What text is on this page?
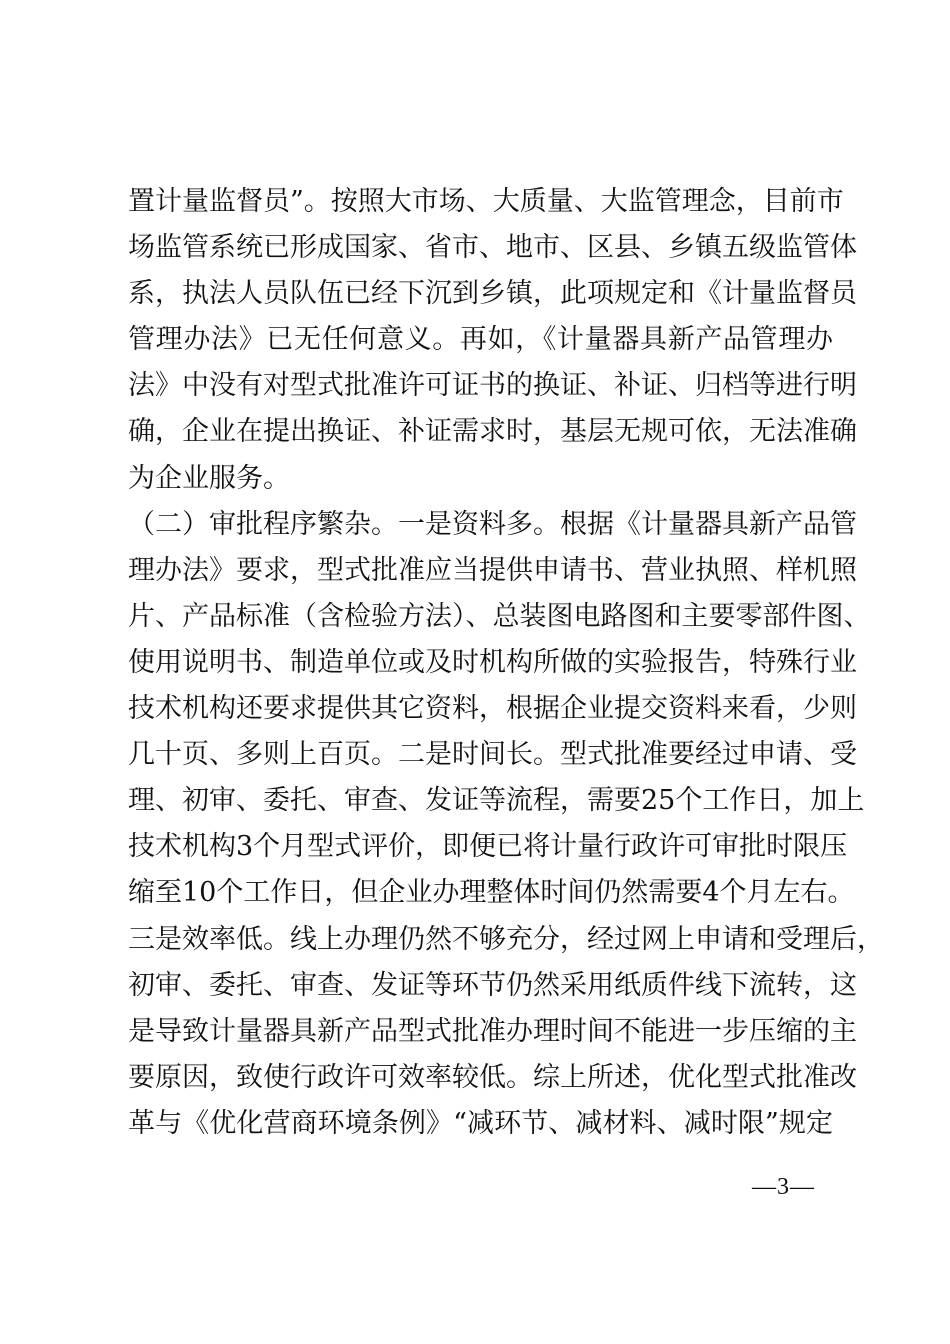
置计量监督员”。按照大市场、大质量、大监管理念，目前市
场监管系统已形成国家、省市、地市、区县、乡镇五级监管体
系，执法人员队伍已经下沉到乡镇，此项规定和《计量监督员
管理办法》已无任何意义。再如，《计量器具新产品管理办
法》中没有对型式批准许可证书的换证、补证、归档等进行明
确，企业在提出换证、补证需求时，基层无规可依，无法准确
为企业服务。
（二）审批程序繁杂。一是资料多。根据《计量器具新产品管
理办法》要求，型式批准应当提供申请书、营业执照、样机照
片、产品标准（含检验方法）、总装图电路图和主要零部件图、
使用说明书、制造单位或及时机构所做的实验报告，特殊行业
技术机构还要求提供其它资料，根据企业提交资料来看，少则
几十页、多则上百页。二是时间长。型式批准要经过申请、受
理、初审、委托、审查、发证等流程，需要25个工作日，加上
技术机构3个月型式评价，即便已将计量行政许可审批时限压
缩至10个工作日，但企业办理整体时间仍然需要4个月左右。
三是效率低。线上办理仍然不够充分，经过网上申请和受理后，
初审、委托、审查、发证等环节仍然采用纸质件线下流转，这
是导致计量器具新产品型式批准办理时间不能进一步压缩的主
要原因，致使行政许可效率较低。综上所述，优化型式批准改
革与《优化营商环境条例》“减环节、减材料、减时限”规定
—3—
